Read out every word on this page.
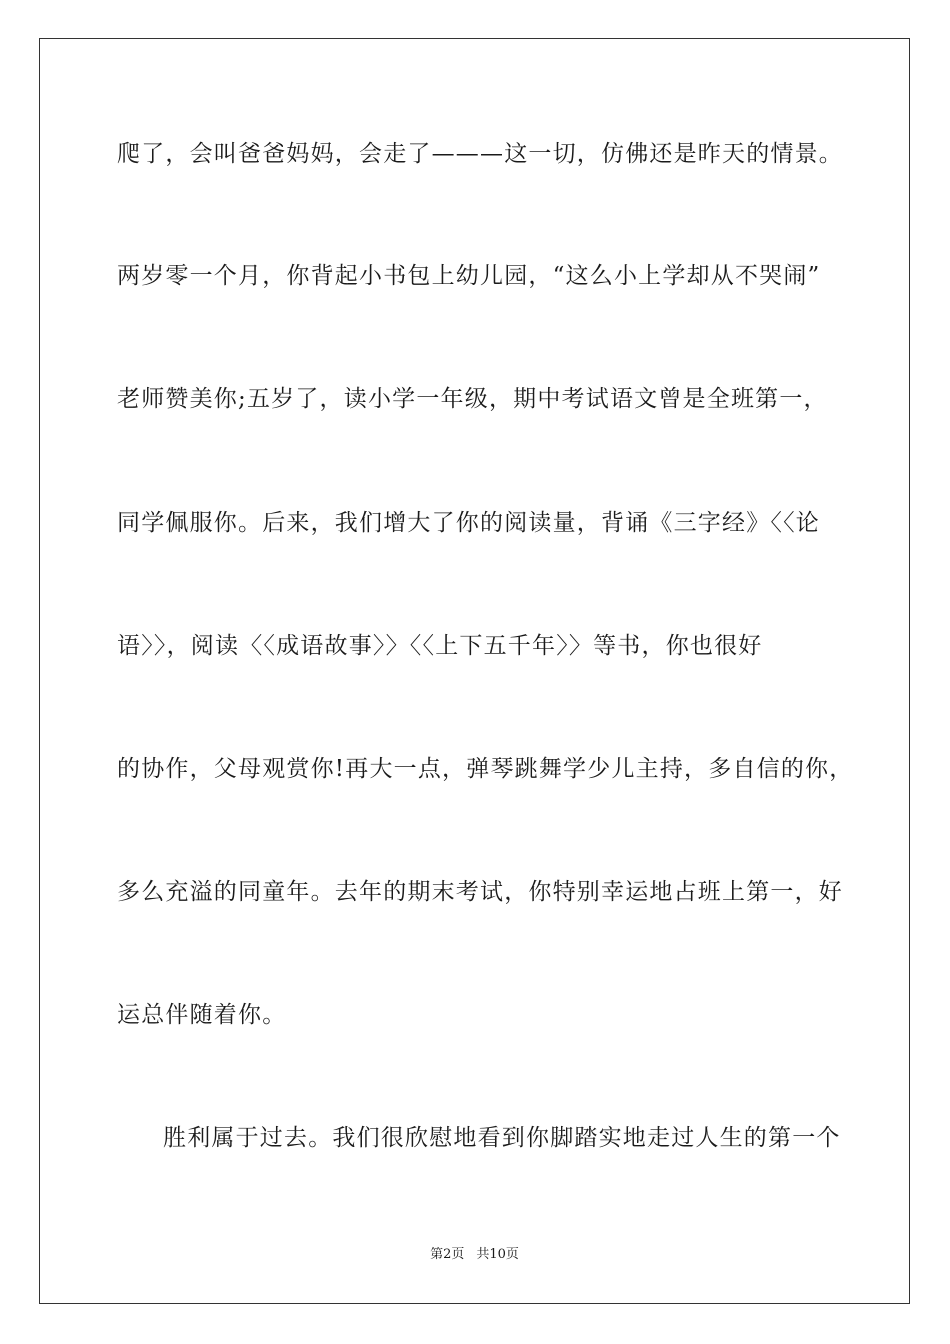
爬了，会叫爸爸妈妈，会走了———这一切，仿佛还是昨天的情景。
两岁零一个月，你背起小书包上幼儿园，“这么小上学却从不哭闹”
老师赞美你;五岁了，读小学一年级，期中考试语文曾是全班第一，
同学佩服你。后来，我们增大了你的阅读量，背诵《三字经》〈〈论
语〉〉，阅读〈〈成语故事〉〉〈〈上下五千年〉〉等书，你也很好
的协作，父母观赏你!再大一点，弹琴跳舞学少儿主持，多自信的你，
多么充溢的同童年。去年的期末考试，你特别幸运地占班上第一，好
运总伴随着你。
胜利属于过去。我们很欣慰地看到你脚踏实地走过人生的第一个
第2页 共10页
